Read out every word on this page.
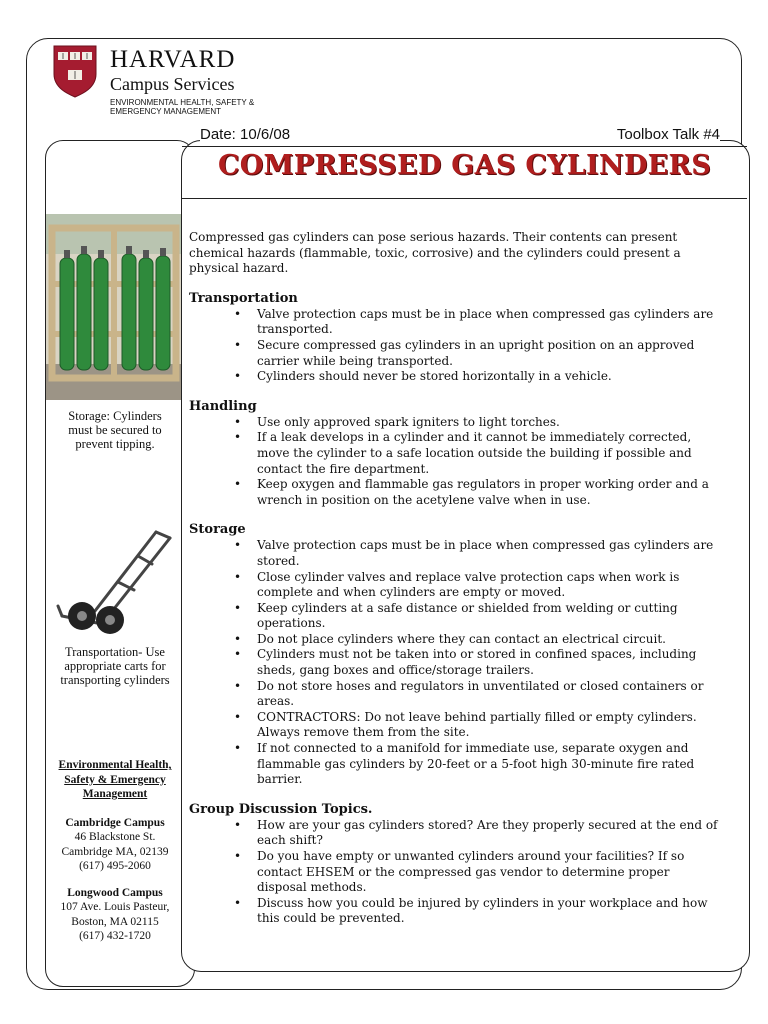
HARVARD
Campus Services
ENVIRONMENTAL HEALTH, SAFETY &
EMERGENCY MANAGEMENT
Storage: Cylinders
must be secured to
prevent tipping.
Transportation- Use
appropriate carts for
transporting cylinders
Environmental Health,
Safety & Emergency
Management
Cambridge Campus
46 Blackstone St.
Cambridge MA, 02139
(617) 495-2060
Longwood Campus
107 Ave. Louis Pasteur,
Boston, MA 02115
(617) 432-1720
Date: 10/6/08	Toolbox Talk #4
COMPRESSED GAS CYLINDERS

Compressed gas cylinders can pose serious hazards. Their contents can present chemical hazards (flammable, toxic, corrosive) and the cylinders could present a physical hazard.

Transportation
• Valve protection caps must be in place when compressed gas cylinders are transported.
• Secure compressed gas cylinders in an upright position on an approved carrier while being transported.
• Cylinders should never be stored horizontally in a vehicle.
Handling
• Use only approved spark igniters to light torches.
• If a leak develops in a cylinder and it cannot be immediately corrected, move the cylinder to a safe location outside the building if possible and contact the fire department.
• Keep oxygen and flammable gas regulators in proper working order and a wrench in position on the acetylene valve when in use.
Storage
• Valve protection caps must be in place when compressed gas cylinders are stored.
• Close cylinder valves and replace valve protection caps when work is complete and when cylinders are empty or moved.
• Keep cylinders at a safe distance or shielded from welding or cutting operations.
• Do not place cylinders where they can contact an electrical circuit.
• Cylinders must not be taken into or stored in confined spaces, including sheds, gang boxes and office/storage trailers.
• Do not store hoses and regulators in unventilated or closed containers or areas.
• CONTRACTORS: Do not leave behind partially filled or empty cylinders. Always remove them from the site.
• If not connected to a manifold for immediate use, separate oxygen and flammable gas cylinders by 20-feet or a 5-foot high 30-minute fire rated barrier.
Group Discussion Topics.
• How are your gas cylinders stored? Are they properly secured at the end of each shift?
• Do you have empty or unwanted cylinders around your facilities? If so contact EHSEM or the compressed gas vendor to determine proper disposal methods.
• Discuss how you could be injured by cylinders in your workplace and how this could be prevented.
